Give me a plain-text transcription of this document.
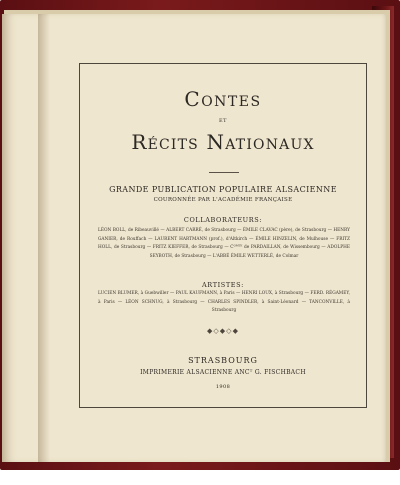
Contes
ET
Récits Nationaux
GRANDE PUBLICATION POPULAIRE ALSACIENNE
COURONNÉE PAR L'ACADÉMIE FRANÇAISE
COLLABORATEURS:
LÉON BOLL, de Ribeauvillé — ALBERT CARRÉ, de Strasbourg — ÉMILE CLAVAC (père), de Strasbourg — HENRY GANIER, de Rouffach — LAURENT HARTMANN (prof.), d'Altkirch — ÉMILE HINZELIN, de Mulhouse — FRITZ HOLL, de Strasbourg — FRITZ KIEFFER, de Strasbourg — Cᴼᴹᵀᴱ de PARDAILLAN, de Wissembourg — ADOLPHE SEYBOTH, de Strasbourg — L'ABBÉ ÉMILE WETTERLÉ, de Colmar
ARTISTES:
LUCIEN BLUMER, à Guebwiller — PAUL KAUFMANN, à Paris — HENRI LOUX, à Strasbourg — FERD. RÉGAMEY, à Paris — LÉON SCHNUG, à Strasbourg — CHARLES SPINDLER, à Saint-Léonard — TANCONVILLE, à Strasbourg
◆◇◆◇◆
STRASBOURG
IMPRIMERIE ALSACIENNE ANCᵀ G. FISCHBACH
1908
